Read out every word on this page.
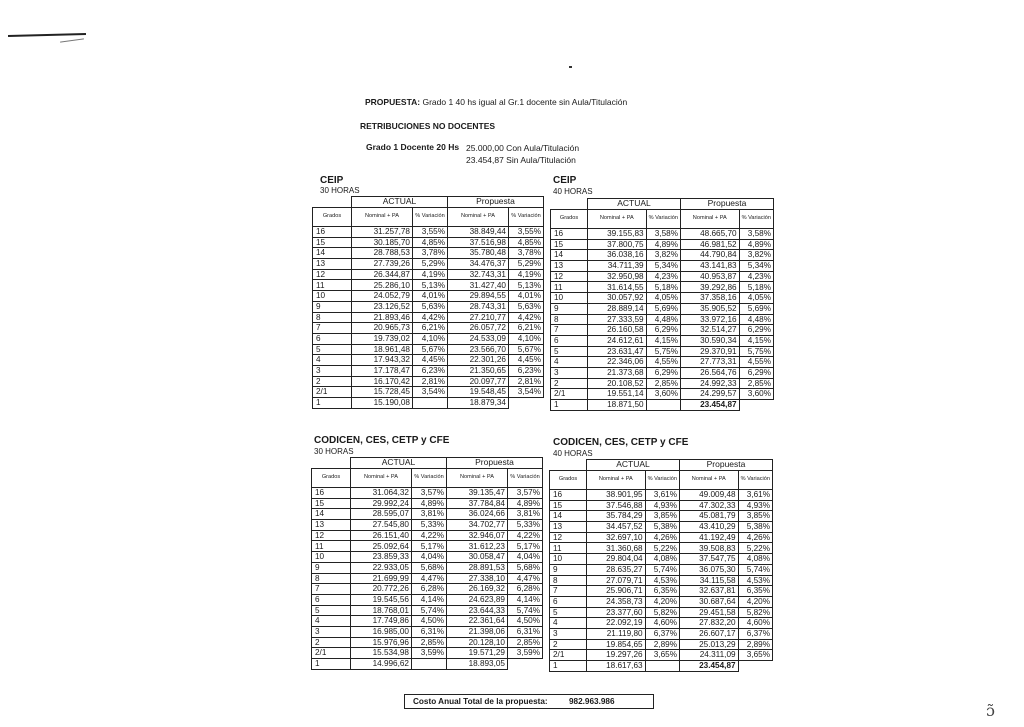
PROPUESTA: Grado 1 40 hs igual al Gr.1 docente sin Aula/Titulación
RETRIBUCIONES NO DOCENTES
Grado 1 Docente 20 Hs 25.000,00 Con Aula/Titulación
23.454,87 Sin Aula/Titulación
CEIP
30 HORAS
	ACTUAL		Propuesta	
Grados	Nominal + PA	% Variación	Nominal + PA	% Variación
16	31.257,78	3,55%	38.849,44	3,55%
15	30.185,70	4,85%	37.516,98	4,85%
14	28.788,53	3,78%	35.780,48	3,78%
13	27.739,26	5,29%	34.476,37	5,29%
12	26.344,87	4,19%	32.743,31	4,19%
11	25.286,10	5,13%	31.427,40	5,13%
10	24.052,79	4,01%	29.894,55	4,01%
9	23.126,52	5,63%	28.743,31	5,63%
8	21.893,46	4,42%	27.210,77	4,42%
7	20.965,73	6,21%	26.057,72	6,21%
6	19.739,02	4,10%	24.533,09	4,10%
5	18.961,48	5,67%	23.566,70	5,67%
4	17.943,32	4,45%	22.301,26	4,45%
3	17.178,47	6,23%	21.350,65	6,23%
2	16.170,42	2,81%	20.097,77	2,81%
2/1	15.728,45	3,54%	19.548,45	3,54%
1	15.190,08		18.879,34	
CEIP
40 HORAS
	ACTUAL		Propuesta	
Grados	Nominal + PA	% Variación	Nominal + PA	% Variación
16	39.155,83	3,58%	48.665,70	3,58%
15	37.800,75	4,89%	46.981,52	4,89%
14	36.038,16	3,82%	44.790,84	3,82%
13	34.711,39	5,34%	43.141,83	5,34%
12	32.950,98	4,23%	40.953,87	4,23%
11	31.614,55	5,18%	39.292,86	5,18%
10	30.057,92	4,05%	37.358,16	4,05%
9	28.889,14	5,69%	35.905,52	5,69%
8	27.333,59	4,48%	33.972,16	4,48%
7	26.160,58	6,29%	32.514,27	6,29%
6	24.612,61	4,15%	30.590,34	4,15%
5	23.631,47	5,75%	29.370,91	5,75%
4	22.346,06	4,55%	27.773,31	4,55%
3	21.373,68	6,29%	26.564,76	6,29%
2	20.108,52	2,85%	24.992,33	2,85%
2/1	19.551,14	3,60%	24.299,57	3,60%
1	18.871,50		23.454,87	
CODICEN, CES, CETP y CFE
30 HORAS
	ACTUAL		Propuesta	
Grados	Nominal + PA	% Variación	Nominal + PA	% Variación
16	31.064,32	3,57%	39.135,47	3,57%
15	29.992,24	4,89%	37.784,84	4,89%
14	28.595,07	3,81%	36.024,66	3,81%
13	27.545,80	5,33%	34.702,77	5,33%
12	26.151,40	4,22%	32.946,07	4,22%
11	25.092,64	5,17%	31.612,23	5,17%
10	23.859,33	4,04%	30.058,47	4,04%
9	22.933,05	5,68%	28.891,53	5,68%
8	21.699,99	4,47%	27.338,10	4,47%
7	20.772,26	6,28%	26.169,32	6,28%
6	19.545,56	4,14%	24.623,89	4,14%
5	18.768,01	5,74%	23.644,33	5,74%
4	17.749,86	4,50%	22.361,64	4,50%
3	16.985,00	6,31%	21.398,06	6,31%
2	15.976,96	2,85%	20.128,10	2,85%
2/1	15.534,98	3,59%	19.571,29	3,59%
1	14.996,62		18.893,05	
CODICEN, CES, CETP y CFE
40 HORAS
	ACTUAL		Propuesta	
Grados	Nominal + PA	% Variación	Nominal + PA	% Variación
16	38.901,95	3,61%	49.009,48	3,61%
15	37.546,88	4,93%	47.302,33	4,93%
14	35.784,29	3,85%	45.081,79	3,85%
13	34.457,52	5,38%	43.410,29	5,38%
12	32.697,10	4,26%	41.192,49	4,26%
11	31.360,68	5,22%	39.508,83	5,22%
10	29.804,04	4,08%	37.547,75	4,08%
9	28.635,27	5,74%	36.075,30	5,74%
8	27.079,71	4,53%	34.115,58	4,53%
7	25.906,71	6,35%	32.637,81	6,35%
6	24.358,73	4,20%	30.687,64	4,20%
5	23.377,60	5,82%	29.451,58	5,82%
4	22.092,19	4,60%	27.832,20	4,60%
3	21.119,80	6,37%	26.607,17	6,37%
2	19.854,65	2,89%	25.013,29	2,89%
2/1	19.297,26	3,65%	24.311,09	3,65%
1	18.617,63		23.454,87	
Costo Anual Total de la propuesta:	982.963.986	ɔ̃
